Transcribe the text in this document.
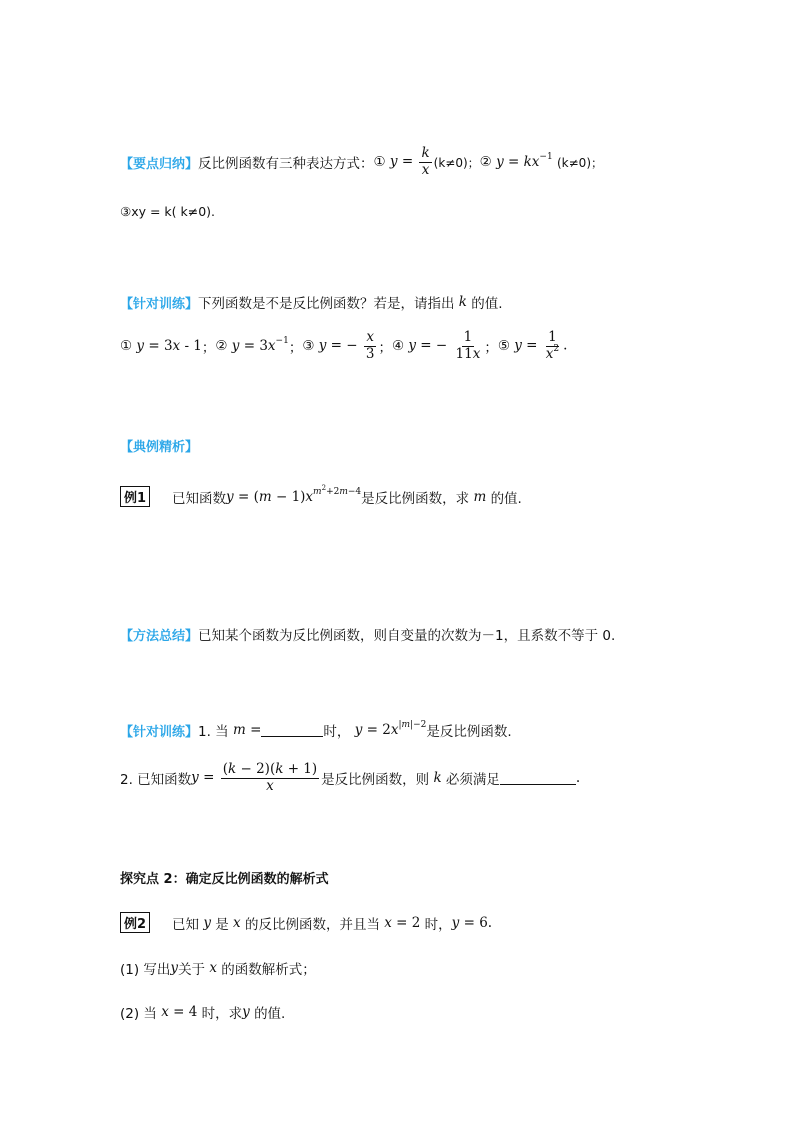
【要点归纳】 反比例函数有三种表达方式： ① $y = \frac{k}{x} (k\ne 0)$； ② $y = kx^{-1}$ (k≠0)；
③xy = k( k≠0).
【针对训练】 下列函数是不是反比例函数？若是，请指出 k 的值.
① y = 3x - 1 ； ② $y = 3x^{-1}$ ； ③ y = − $\frac{x}{3}$ ； ④ y = − $\frac{1}{11x}$ ； ⑤ $y = \frac{1}{x^2}$ .
【典例精析】
例1 已知函数 $y = (m - 1)x^{m^2+2m-4}$ 是反比例函数，求 m 的值.
【方法总结】 已知某个函数为反比例函数，则自变量的次数为－1，且系数不等于 0.
【针对训练】 1. 当 m =	时， $y = 2x^{|m|-2}$ 是反比例函数.
2. 已知函数 $y = \frac{(k - 2)(k + 1)}{x}$ 是反比例函数，则 k 必须满足	.
探究点 2：确定反比例函数的解析式
例2 已知 y 是 x 的反比例函数，并且当 x = 2 时， y = 6.
(1) 写出 y 关于 x 的函数解析式；
(2) 当 x = 4 时，求 y
的值.
